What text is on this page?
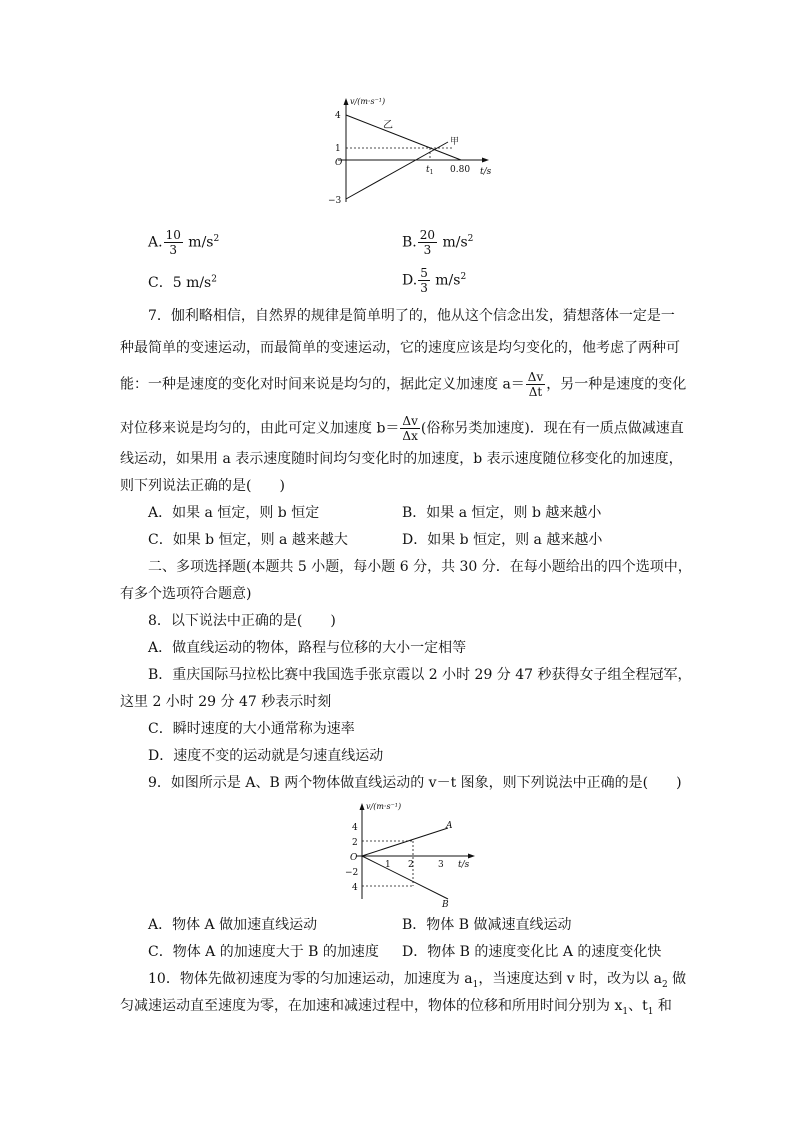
v/(m·s⁻¹)
4
1
O
−3
$t_1$ 0.80 t/s
乙
甲
A. $\frac{10}{3} m/s^2$	B. $\frac{20}{3} m/s^2$
C．5 $m/s^2$	D. $\frac{5}{3} m/s^2$
7．伽利略相信，自然界的规律是简单明了的，他从这个信念出发，猜想落体一定是一
种最简单的变速运动，而最简单的变速运动，它的速度应该是均匀变化的，他考虑了两种可
能：一种是速度的变化对时间来说是均匀的，据此定义加速度 $a= \frac{\Delta v}{\Delta t}$ ，另一种是速度的变化
对位移来说是均匀的，由此可定义加速度 $b= \frac{\Delta v}{\Delta x}$ (俗称另类加速度)．现在有一质点做减速直
线运动，如果用 a 表示速度随时间均匀变化时的加速度，b 表示速度随位移变化的加速度，
则下列说法正确的是(　　)
A．如果 a 恒定，则 b 恒定	B．如果 a 恒定，则 b 越来越小
C．如果 b 恒定，则 a 越来越大	D．如果 b 恒定，则 a 越来越小
二、多项选择题(本题共 5 小题，每小题 6 分，共 30 分．在每小题给出的四个选项中，
有多个选项符合题意)
8．以下说法中正确的是(　　)
A．做直线运动的物体，路程与位移的大小一定相等
B．重庆国际马拉松比赛中我国选手张京霞以 2 小时 29 分 47 秒获得女子组全程冠军，
这里 2 小时 29 分 47 秒表示时刻
C．瞬时速度的大小通常称为速率
D．速度不变的运动就是匀速直线运动
9．如图所示是 A、B 两个物体做直线运动的 v－t 图象，则下列说法中正确的是(　　)
v/(m·s⁻¹)
4
2
O
−2
4
1 2	3 t/s
A
B
A．物体 A 做加速直线运动	B．物体 B 做减速直线运动
C．物体 A 的加速度大于 B 的加速度 D．物体 B 的速度变化比 A 的速度变化快
10．物体先做初速度为零的匀加速运动，加速度为 $a_1$，当速度达到 v 时，改为以 $a_2$ 做
匀减速运动直至速度为零，在加速和减速过程中，物体的位移和所用时间分别为 $x_1$、$t_1$ 和
